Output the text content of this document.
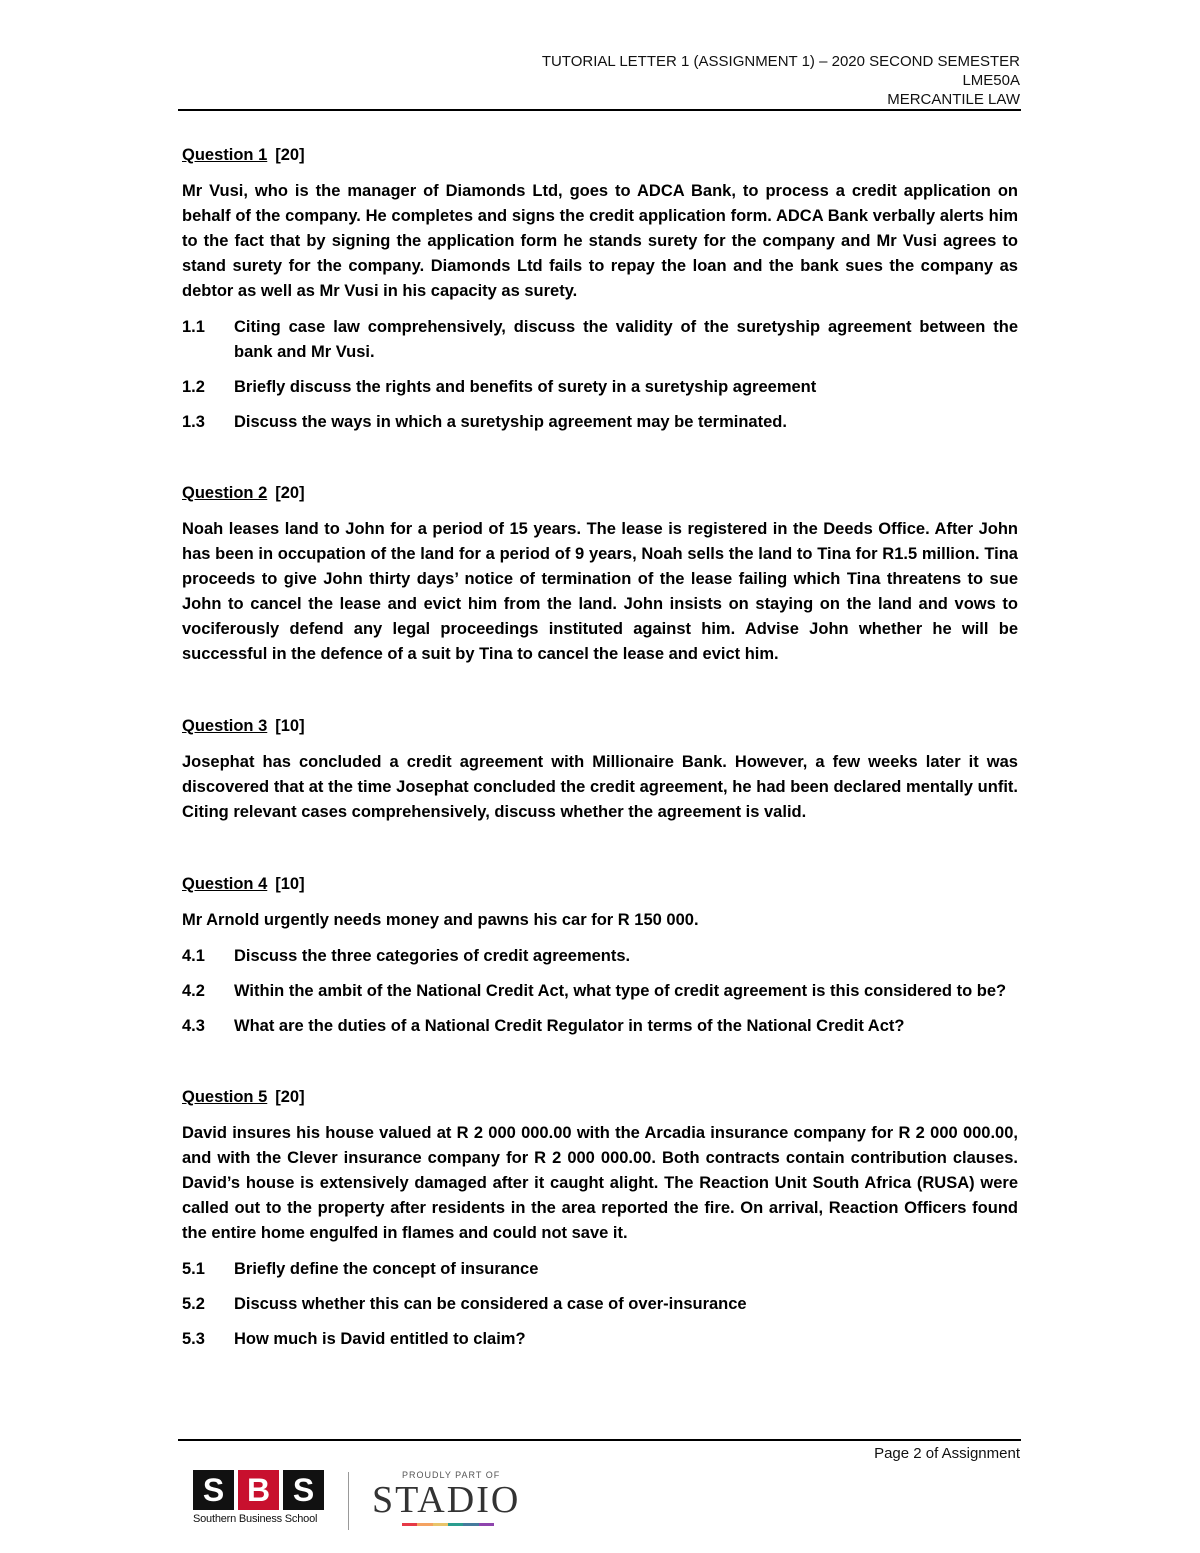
TUTORIAL LETTER 1 (ASSIGNMENT 1) – 2020 SECOND SEMESTER
LME50A
MERCANTILE LAW
Question 1 [20]
Mr Vusi, who is the manager of Diamonds Ltd, goes to ADCA Bank, to process a credit application on behalf of the company. He completes and signs the credit application form. ADCA Bank verbally alerts him to the fact that by signing the application form he stands surety for the company and Mr Vusi agrees to stand surety for the company. Diamonds Ltd fails to repay the loan and the bank sues the company as debtor as well as Mr Vusi in his capacity as surety.
1.1	Citing case law comprehensively, discuss the validity of the suretyship agreement between the bank and Mr Vusi.
1.2	Briefly discuss the rights and benefits of surety in a suretyship agreement
1.3	Discuss the ways in which a suretyship agreement may be terminated.
Question 2 [20]
Noah leases land to John for a period of 15 years. The lease is registered in the Deeds Office. After John has been in occupation of the land for a period of 9 years, Noah sells the land to Tina for R1.5 million. Tina proceeds to give John thirty days’ notice of termination of the lease failing which Tina threatens to sue John to cancel the lease and evict him from the land. John insists on staying on the land and vows to vociferously defend any legal proceedings instituted against him. Advise John whether he will be successful in the defence of a suit by Tina to cancel the lease and evict him.
Question 3 [10]
Josephat has concluded a credit agreement with Millionaire Bank. However, a few weeks later it was discovered that at the time Josephat concluded the credit agreement, he had been declared mentally unfit. Citing relevant cases comprehensively, discuss whether the agreement is valid.
Question 4 [10]
Mr Arnold urgently needs money and pawns his car for R 150 000.
4.1	Discuss the three categories of credit agreements.
4.2	Within the ambit of the National Credit Act, what type of credit agreement is this considered to be?
4.3	What are the duties of a National Credit Regulator in terms of the National Credit Act?
Question 5 [20]
David insures his house valued at R 2 000 000.00 with the Arcadia insurance company for R 2 000 000.00, and with the Clever insurance company for R 2 000 000.00. Both contracts contain contribution clauses. David’s house is extensively damaged after it caught alight. The Reaction Unit South Africa (RUSA) were called out to the property after residents in the area reported the fire. On arrival, Reaction Officers found the entire home engulfed in flames and could not save it.
5.1	Briefly define the concept of insurance
5.2	Discuss whether this can be considered a case of over-insurance
5.3	How much is David entitled to claim?
Page 2 of Assignment
S B S
Southern Business School
PROUDLY PART OF
STADIO
